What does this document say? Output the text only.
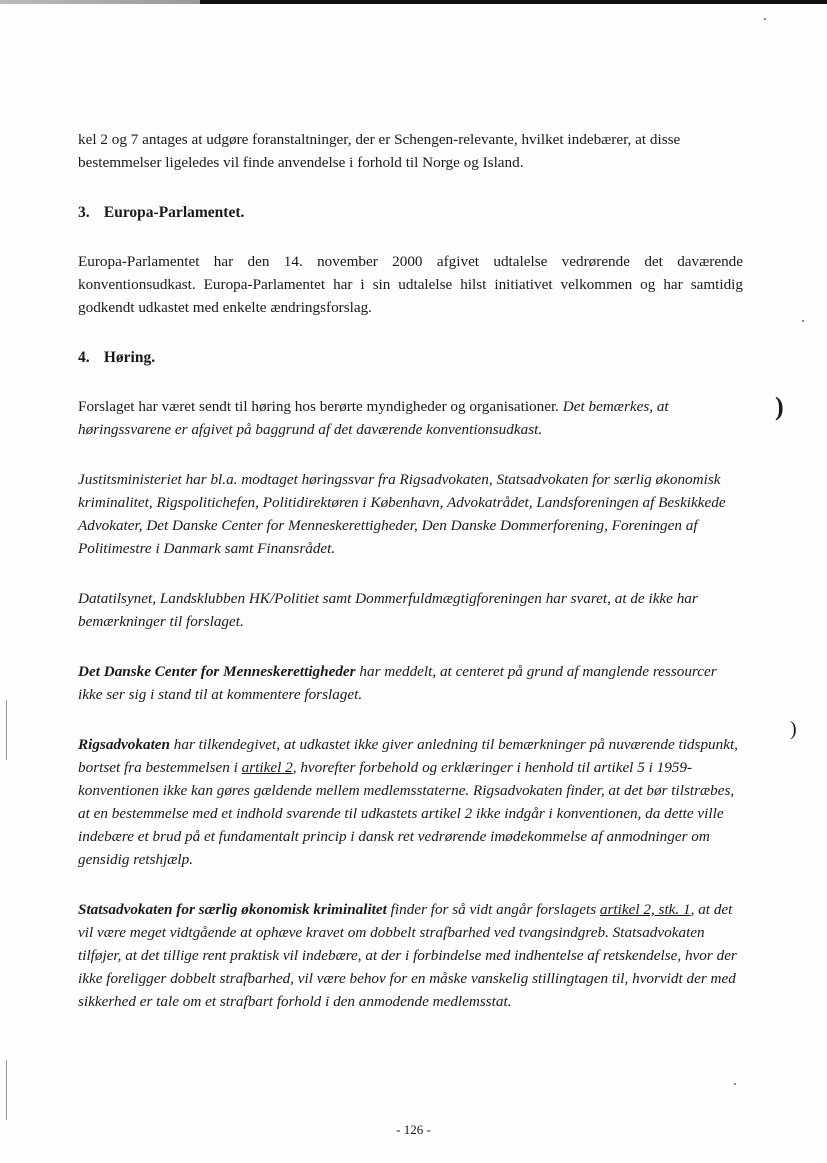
kel 2 og 7 antages at udgøre foranstaltninger, der er Schengen-relevante, hvilket indebærer, at disse bestemmelser ligeledes vil finde anvendelse i forhold til Norge og Island.

3. Europa-Parlamentet.

Europa-Parlamentet har den 14. november 2000 afgivet udtalelse vedrørende det daværende konventionsudkast. Europa-Parlamentet har i sin udtalelse hilst initiativet velkommen og har samtidig godkendt udkastet med enkelte ændringsforslag.

4. Høring.

Forslaget har været sendt til høring hos berørte myndigheder og organisationer. Det bemærkes, at høringssvarene er afgivet på baggrund af det daværende konventionsudkast.

Justitsministeriet har bl.a. modtaget høringssvar fra Rigsadvokaten, Statsadvokaten for særlig økonomisk kriminalitet, Rigspolitichefen, Politidirektøren i København, Advokatrådet, Landsforeningen af Beskikkede Advokater, Det Danske Center for Menneskerettigheder, Den Danske Dommerforening, Foreningen af Politimestre i Danmark samt Finansrådet.

Datatilsynet, Landsklubben HK/Politiet samt Dommerfuldmægtigforeningen har svaret, at de ikke har bemærkninger til forslaget.

Det Danske Center for Menneskerettigheder har meddelt, at centeret på grund af manglende ressourcer ikke ser sig i stand til at kommentere forslaget.

Rigsadvokaten har tilkendegivet, at udkastet ikke giver anledning til bemærkninger på nuværende tidspunkt, bortset fra bestemmelsen i artikel 2, hvorefter forbehold og erklæringer i henhold til artikel 5 i 1959-konventionen ikke kan gøres gældende mellem medlemsstaterne. Rigsadvokaten finder, at det bør tilstræbes, at en bestemmelse med et indhold svarende til udkastets artikel 2 ikke indgår i konventionen, da dette ville indebære et brud på et fundamentalt princip i dansk ret vedrørende imødekommelse af anmodninger om gensidig retshjælp.

Statsadvokaten for særlig økonomisk kriminalitet finder for så vidt angår forslagets artikel 2, stk. 1, at det vil være meget vidtgående at ophæve kravet om dobbelt strafbarhed ved tvangsindgreb. Statsadvokaten tilføjer, at det tillige rent praktisk vil indebære, at der i forbindelse med indhentelse af retskendelse, hvor der ikke foreligger dobbelt strafbarhed, vil være behov for en måske vanskelig stillingtagen til, hvorvidt der med sikkerhed er tale om et strafbart forhold i den anmodende medlemsstat.

)
)
- 126 -
